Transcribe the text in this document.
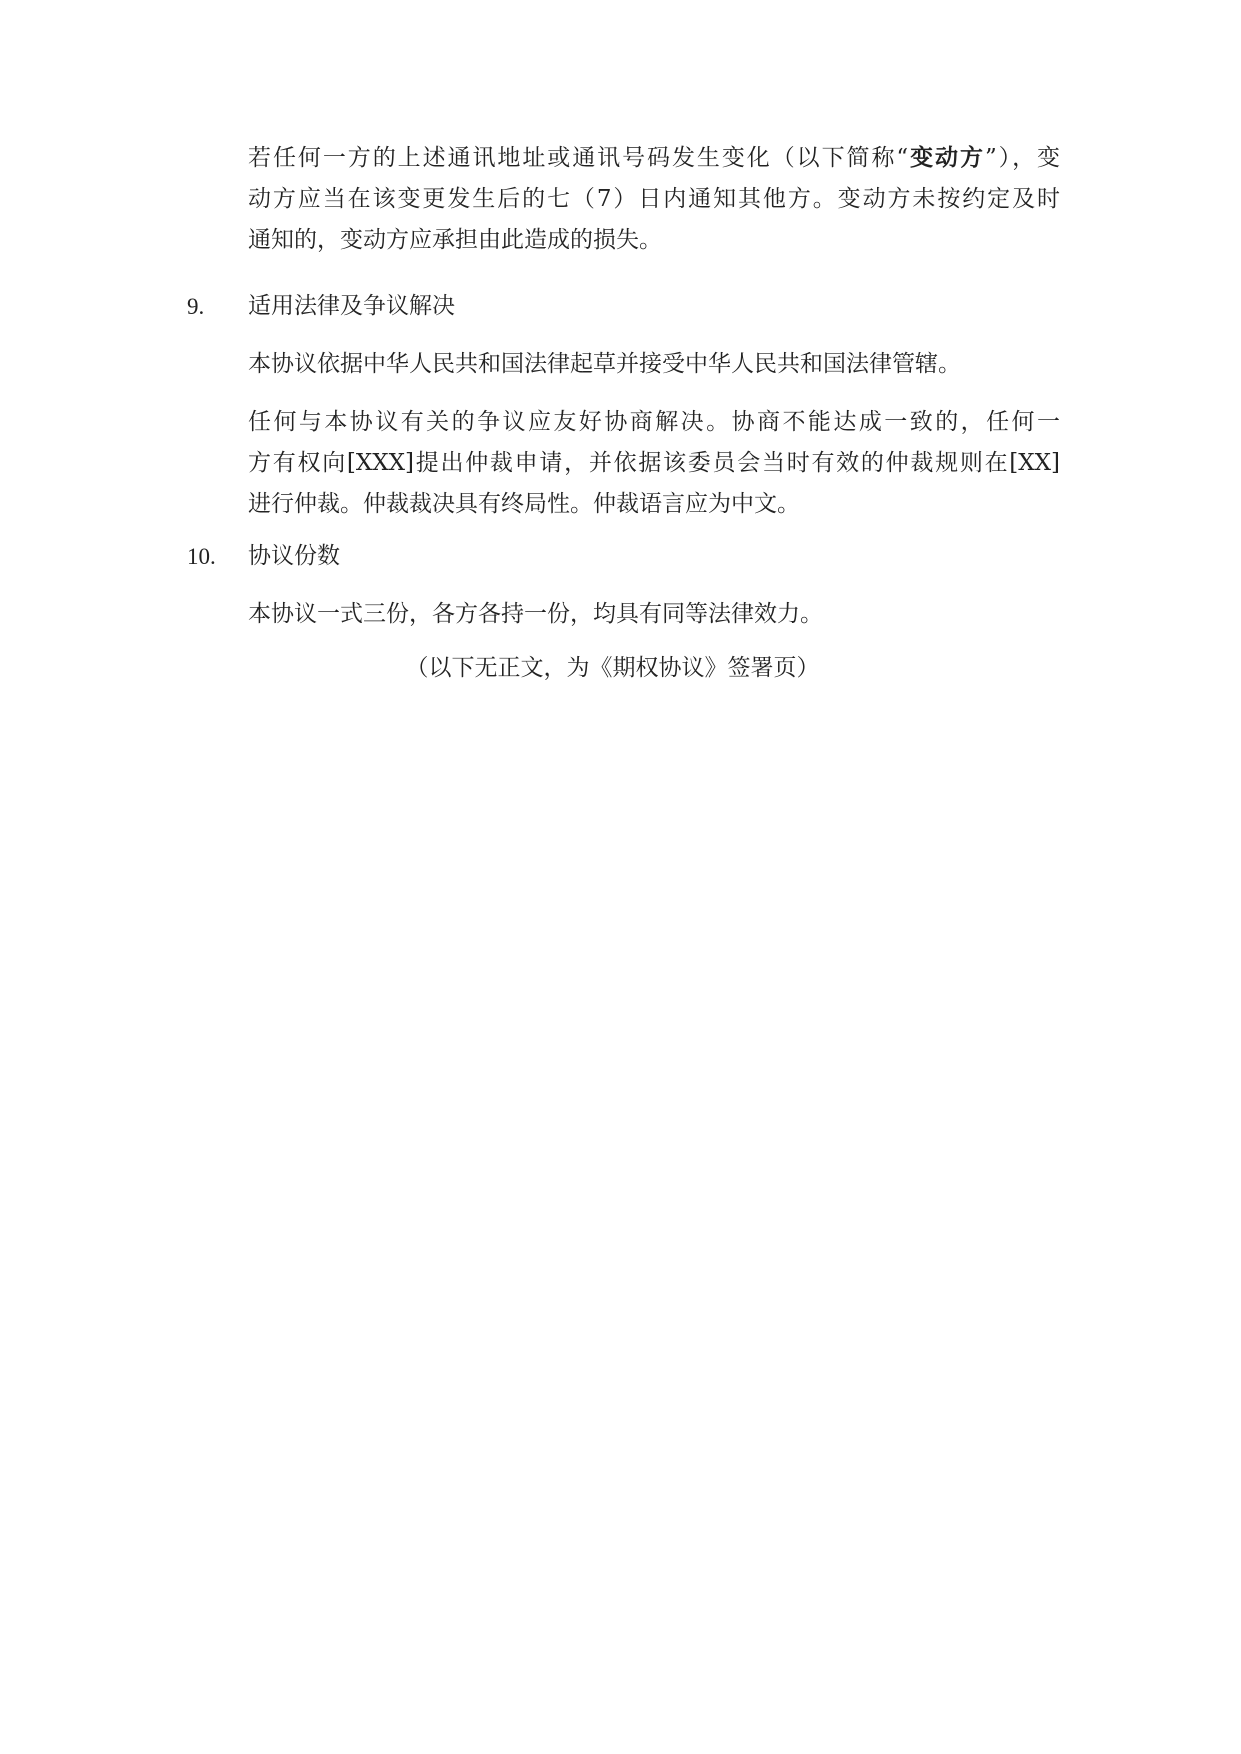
若任何一方的上述通讯地址或通讯号码发生变化（以下简称“变动方”），变
动方应当在该变更发生后的七（7）日内通知其他方。变动方未按约定及时
通知的，变动方应承担由此造成的损失。
9. 适用法律及争议解决
本协议依据中华人民共和国法律起草并接受中华人民共和国法律管辖。
任何与本协议有关的争议应友好协商解决。协商不能达成一致的，任何一
方有权向[XXX]提出仲裁申请，并依据该委员会当时有效的仲裁规则在[XX]
进行仲裁。仲裁裁决具有终局性。仲裁语言应为中文。
10. 协议份数
本协议一式三份，各方各持一份，均具有同等法律效力。
（以下无正文，为《期权协议》签署页）
